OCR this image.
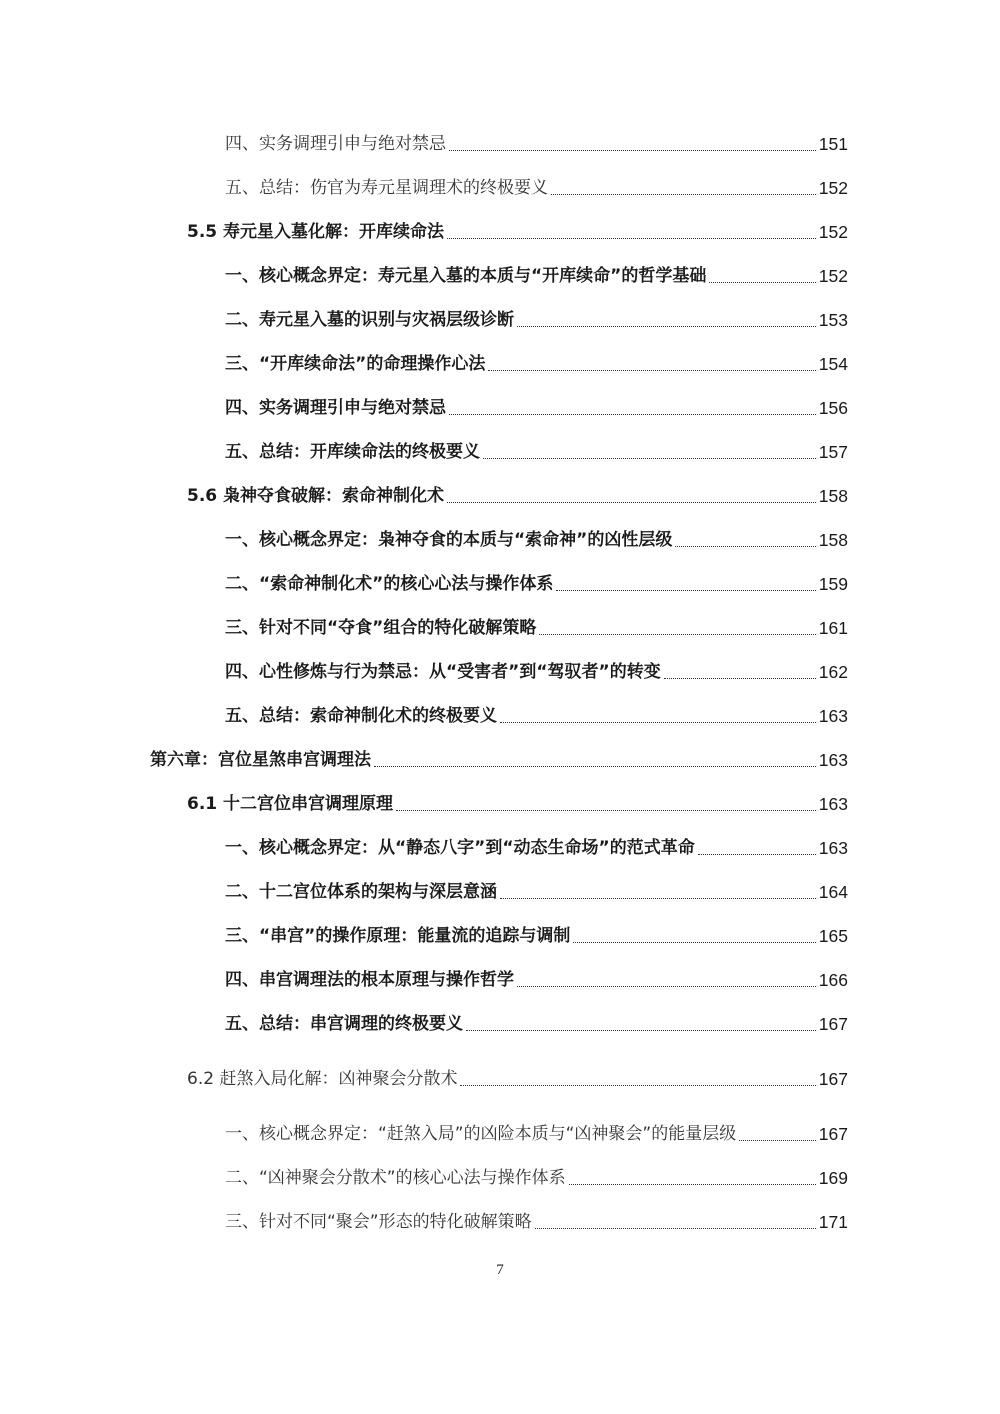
四、实务调理引申与绝对禁忌	151
五、总结：伤官为寿元星调理术的终极要义	152
5.5 寿元星入墓化解：开库续命法	152
一、核心概念界定：寿元星入墓的本质与“开库续命”的哲学基础	152
二、寿元星入墓的识别与灾祸层级诊断	153
三、“开库续命法”的命理操作心法	154
四、实务调理引申与绝对禁忌	156
五、总结：开库续命法的终极要义	157
5.6 枭神夺食破解：索命神制化术	158
一、核心概念界定：枭神夺食的本质与“索命神”的凶性层级	158
二、“索命神制化术”的核心心法与操作体系	159
三、针对不同“夺食”组合的特化破解策略	161
四、心性修炼与行为禁忌：从“受害者”到“驾驭者”的转变	162
五、总结：索命神制化术的终极要义	163
第六章：宫位星煞串宫调理法	163
6.1 十二宫位串宫调理原理	163
一、核心概念界定：从“静态八字”到“动态生命场”的范式革命	163
二、十二宫位体系的架构与深层意涵	164
三、“串宫”的操作原理：能量流的追踪与调制	165
四、串宫调理法的根本原理与操作哲学	166
五、总结：串宫调理的终极要义	167
6.2 赶煞入局化解：凶神聚会分散术	167
一、核心概念界定：“赶煞入局”的凶险本质与“凶神聚会”的能量层级	167
二、“凶神聚会分散术”的核心心法与操作体系	169
三、针对不同“聚会”形态的特化破解策略	171
7
